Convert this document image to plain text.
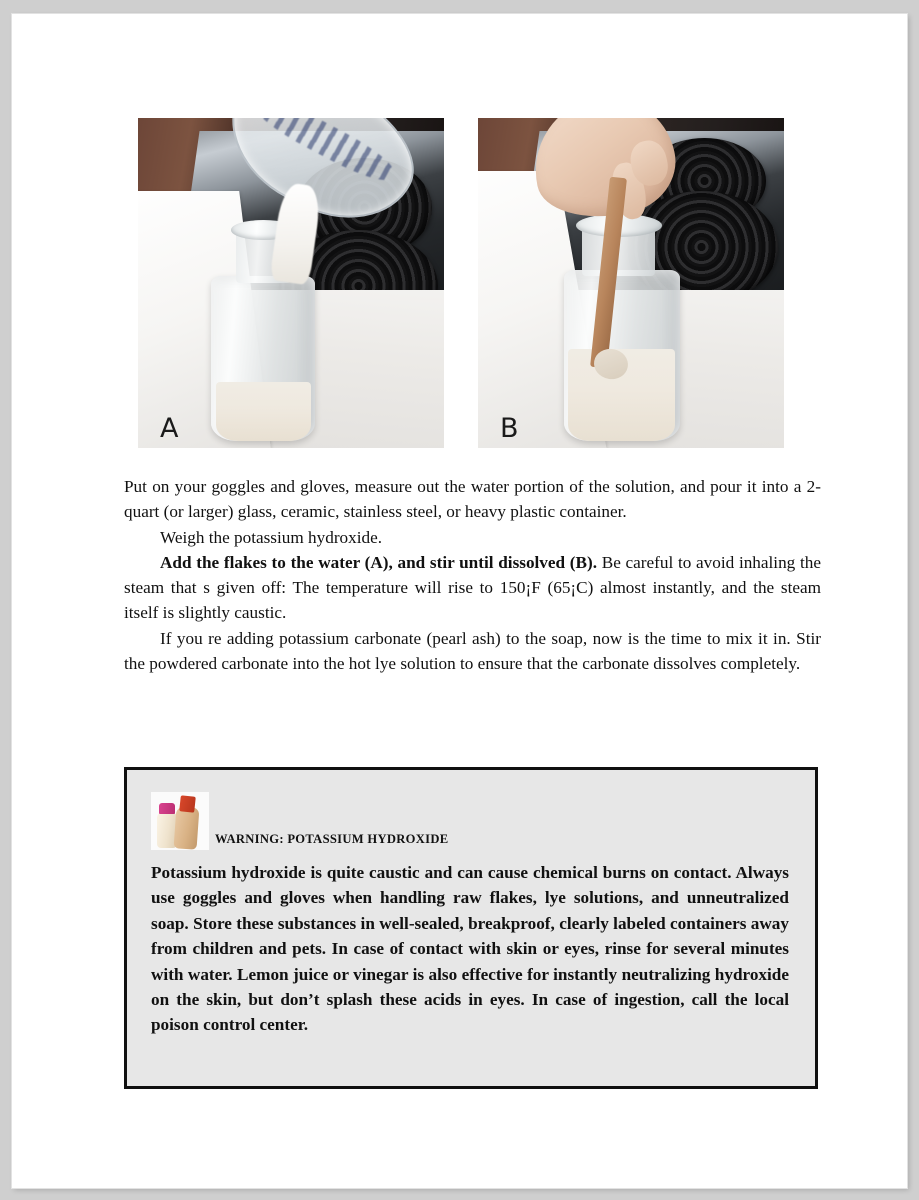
A	B

Put on your goggles and gloves, measure out the water portion of the solution, and pour it into a 2-quart (or larger) glass, ceramic, stainless steel, or heavy plastic container.

Weigh the potassium hydroxide.

Add the flakes to the water (A), and stir until dissolved (B). Be careful to avoid inhaling the steam that s given off: The temperature will rise to 150¡F (65¡C) almost instantly, and the steam itself is slightly caustic.

If you re adding potassium carbonate (pearl ash) to the soap, now is the time to mix it in. Stir the powdered carbonate into the hot lye solution to ensure that the carbonate dissolves completely.

WARNING: POTASSIUM HYDROXIDE

Potassium hydroxide is quite caustic and can cause chemical burns on contact. Always use goggles and gloves when handling raw flakes, lye solutions, and unneutralized soap. Store these substances in well-sealed, breakproof, clearly labeled containers away from children and pets. In case of contact with skin or eyes, rinse for several minutes with water. Lemon juice or vinegar is also effective for instantly neutralizing hydroxide on the skin, but don’t splash these acids in eyes. In case of ingestion, call the local poison control center.
